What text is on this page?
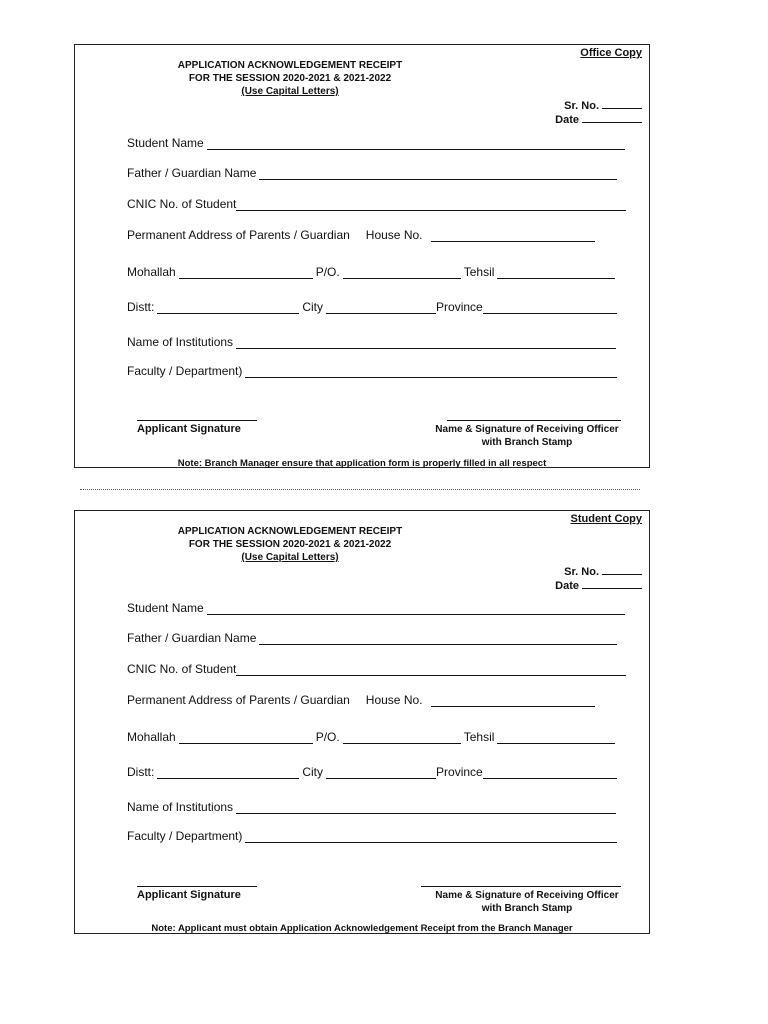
Office Copy
APPLICATION ACKNOWLEDGEMENT RECEIPT
FOR THE SESSION 2020-2021 & 2021-2022
(Use Capital Letters)
Sr. No.
Date
Student Name
Father / Guardian Name
CNIC No. of Student
Permanent Address of Parents / Guardian House No.
Mohallah	P/O.	Tehsil
Distt:	City	Province
Name of Institutions
Faculty / Department)
Applicant Signature	Name & Signature of Receiving Officer
with Branch Stamp
Note: Branch Manager ensure that application form is properly filled in all respect
Student Copy
APPLICATION ACKNOWLEDGEMENT RECEIPT
FOR THE SESSION 2020-2021 & 2021-2022
(Use Capital Letters)
Sr. No.
Date
Student Name
Father / Guardian Name
CNIC No. of Student
Permanent Address of Parents / Guardian House No.
Mohallah	P/O.	Tehsil
Distt:	City	Province
Name of Institutions
Faculty / Department)
Applicant Signature	Name & Signature of Receiving Officer
with Branch Stamp
Note: Applicant must obtain Application Acknowledgement Receipt from the Branch Manager
